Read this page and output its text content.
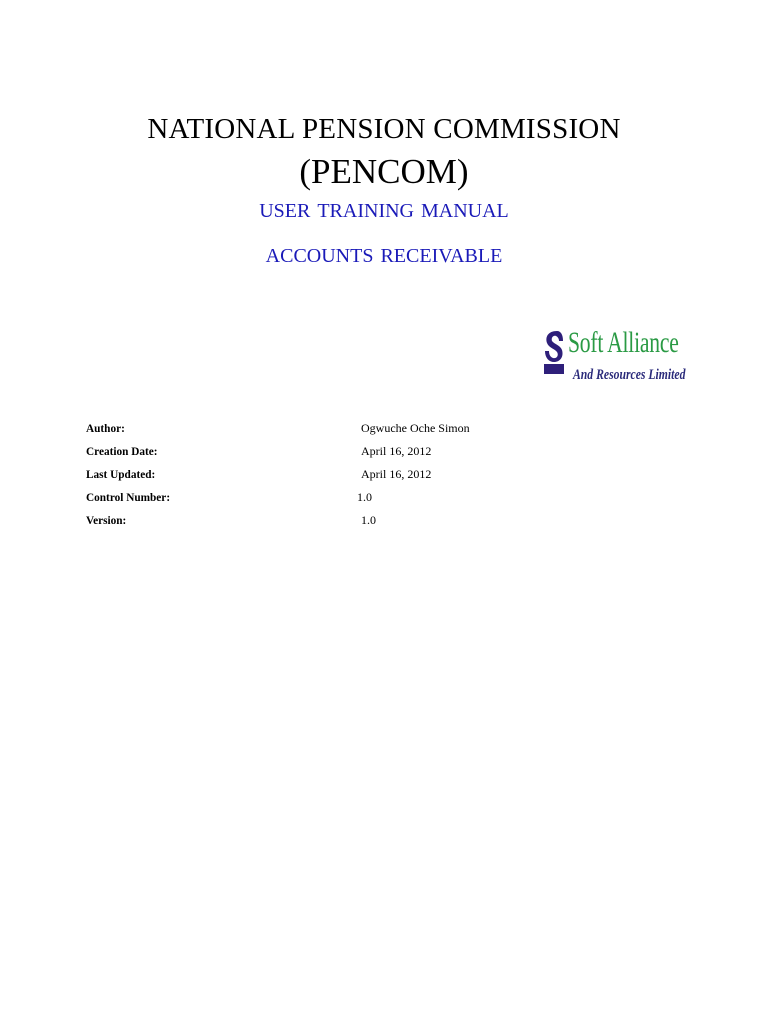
NATIONAL PENSION COMMISSION
(PENCOM)
user training manual
accounts receivable
Soft Alliance
And Resources Limited
Author:	Ogwuche Oche Simon
Creation Date:	April 16, 2012
Last Updated:	April 16, 2012
Control Number:	1.0
Version:	1.0
